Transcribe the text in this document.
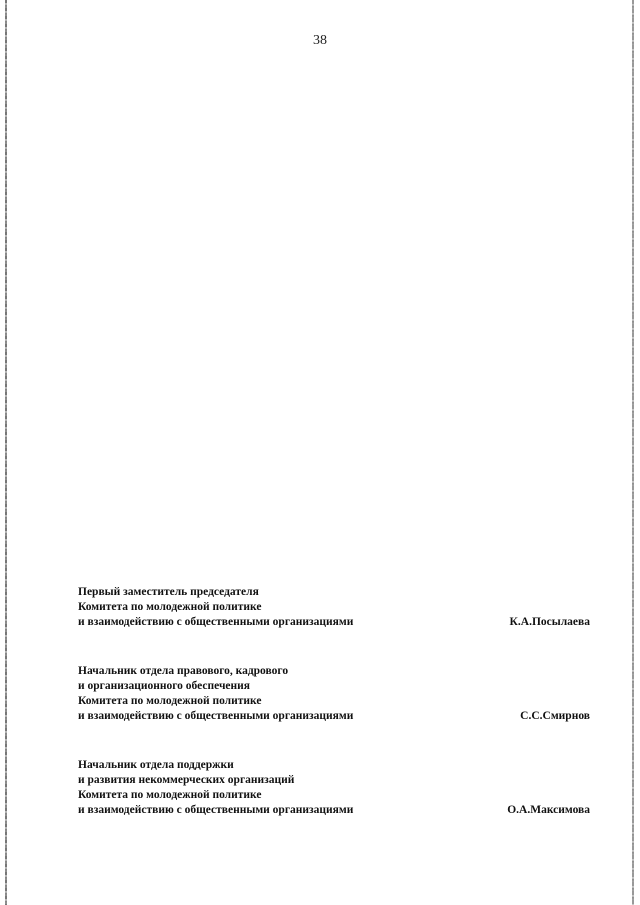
38
Первый заместитель председателя
Комитета по молодежной политике
и взаимодействию с общественными организациями	К.А.Посылаева
Начальник отдела правового, кадрового
и организационного обеспечения
Комитета по молодежной политике
и взаимодействию с общественными организациями	С.С.Смирнов
Начальник отдела поддержки
и развития некоммерческих организаций
Комитета по молодежной политике
и взаимодействию с общественными организациями	О.А.Максимова
